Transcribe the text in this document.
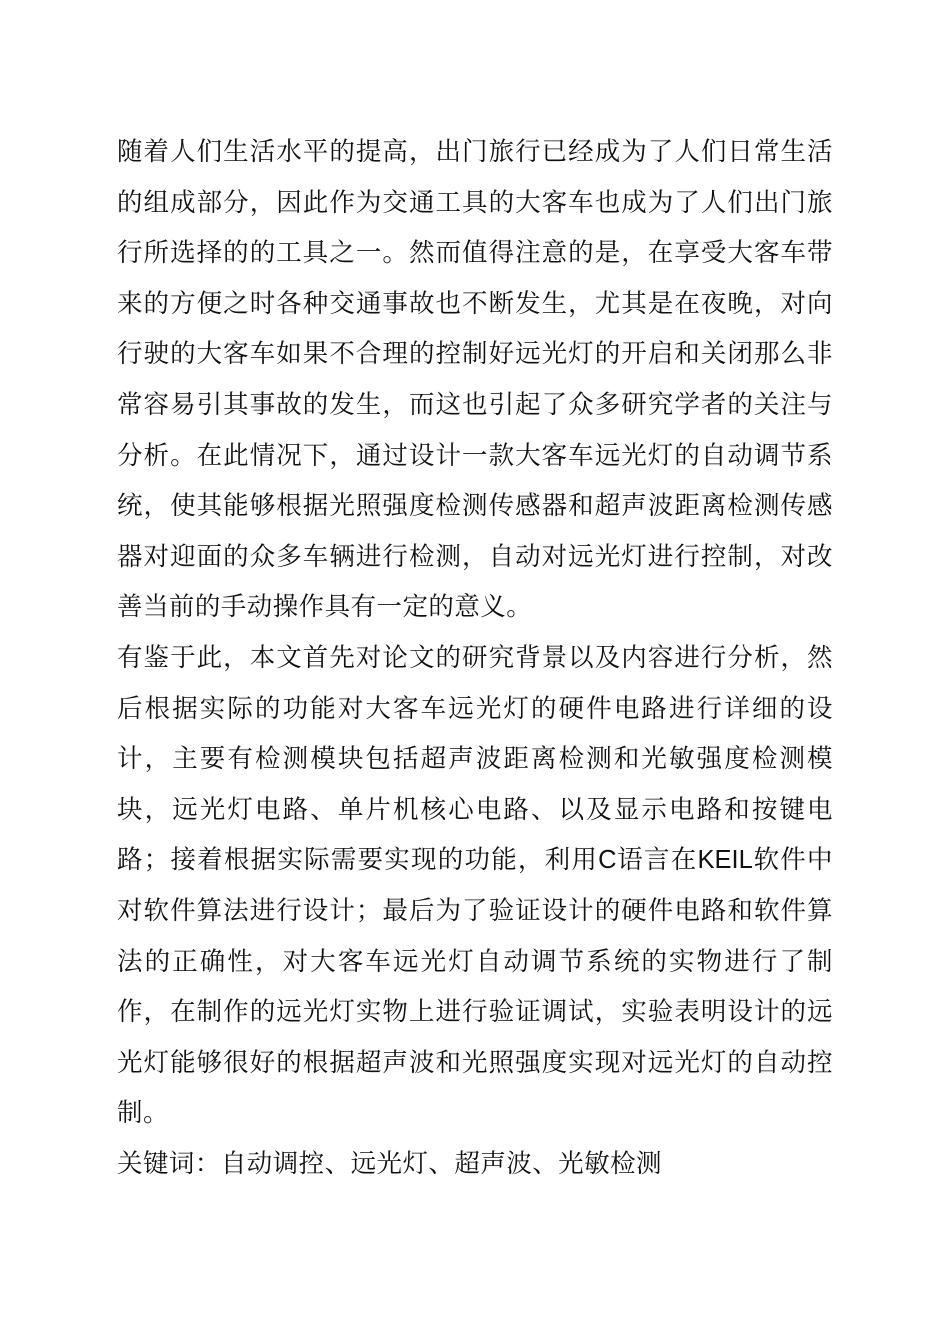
随着人们生活水平的提高，出门旅行已经成为了人们日常生活的组成部分，因此作为交通工具的大客车也成为了人们出门旅行所选择的的工具之一。然而值得注意的是，在享受大客车带来的方便之时各种交通事故也不断发生，尤其是在夜晚，对向行驶的大客车如果不合理的控制好远光灯的开启和关闭那么非常容易引其事故的发生，而这也引起了众多研究学者的关注与分析。在此情况下，通过设计一款大客车远光灯的自动调节系统，使其能够根据光照强度检测传感器和超声波距离检测传感器对迎面的众多车辆进行检测，自动对远光灯进行控制，对改善当前的手动操作具有一定的意义。

有鉴于此，本文首先对论文的研究背景以及内容进行分析，然后根据实际的功能对大客车远光灯的硬件电路进行详细的设计，主要有检测模块包括超声波距离检测和光敏强度检测模块，远光灯电路、单片机核心电路、以及显示电路和按键电路；接着根据实际需要实现的功能，利用C语言在KEIL软件中对软件算法进行设计；最后为了验证设计的硬件电路和软件算法的正确性，对大客车远光灯自动调节系统的实物进行了制作，在制作的远光灯实物上进行验证调试，实验表明设计的远光灯能够很好的根据超声波和光照强度实现对远光灯的自动控制。

关键词：自动调控、远光灯、超声波、光敏检测
